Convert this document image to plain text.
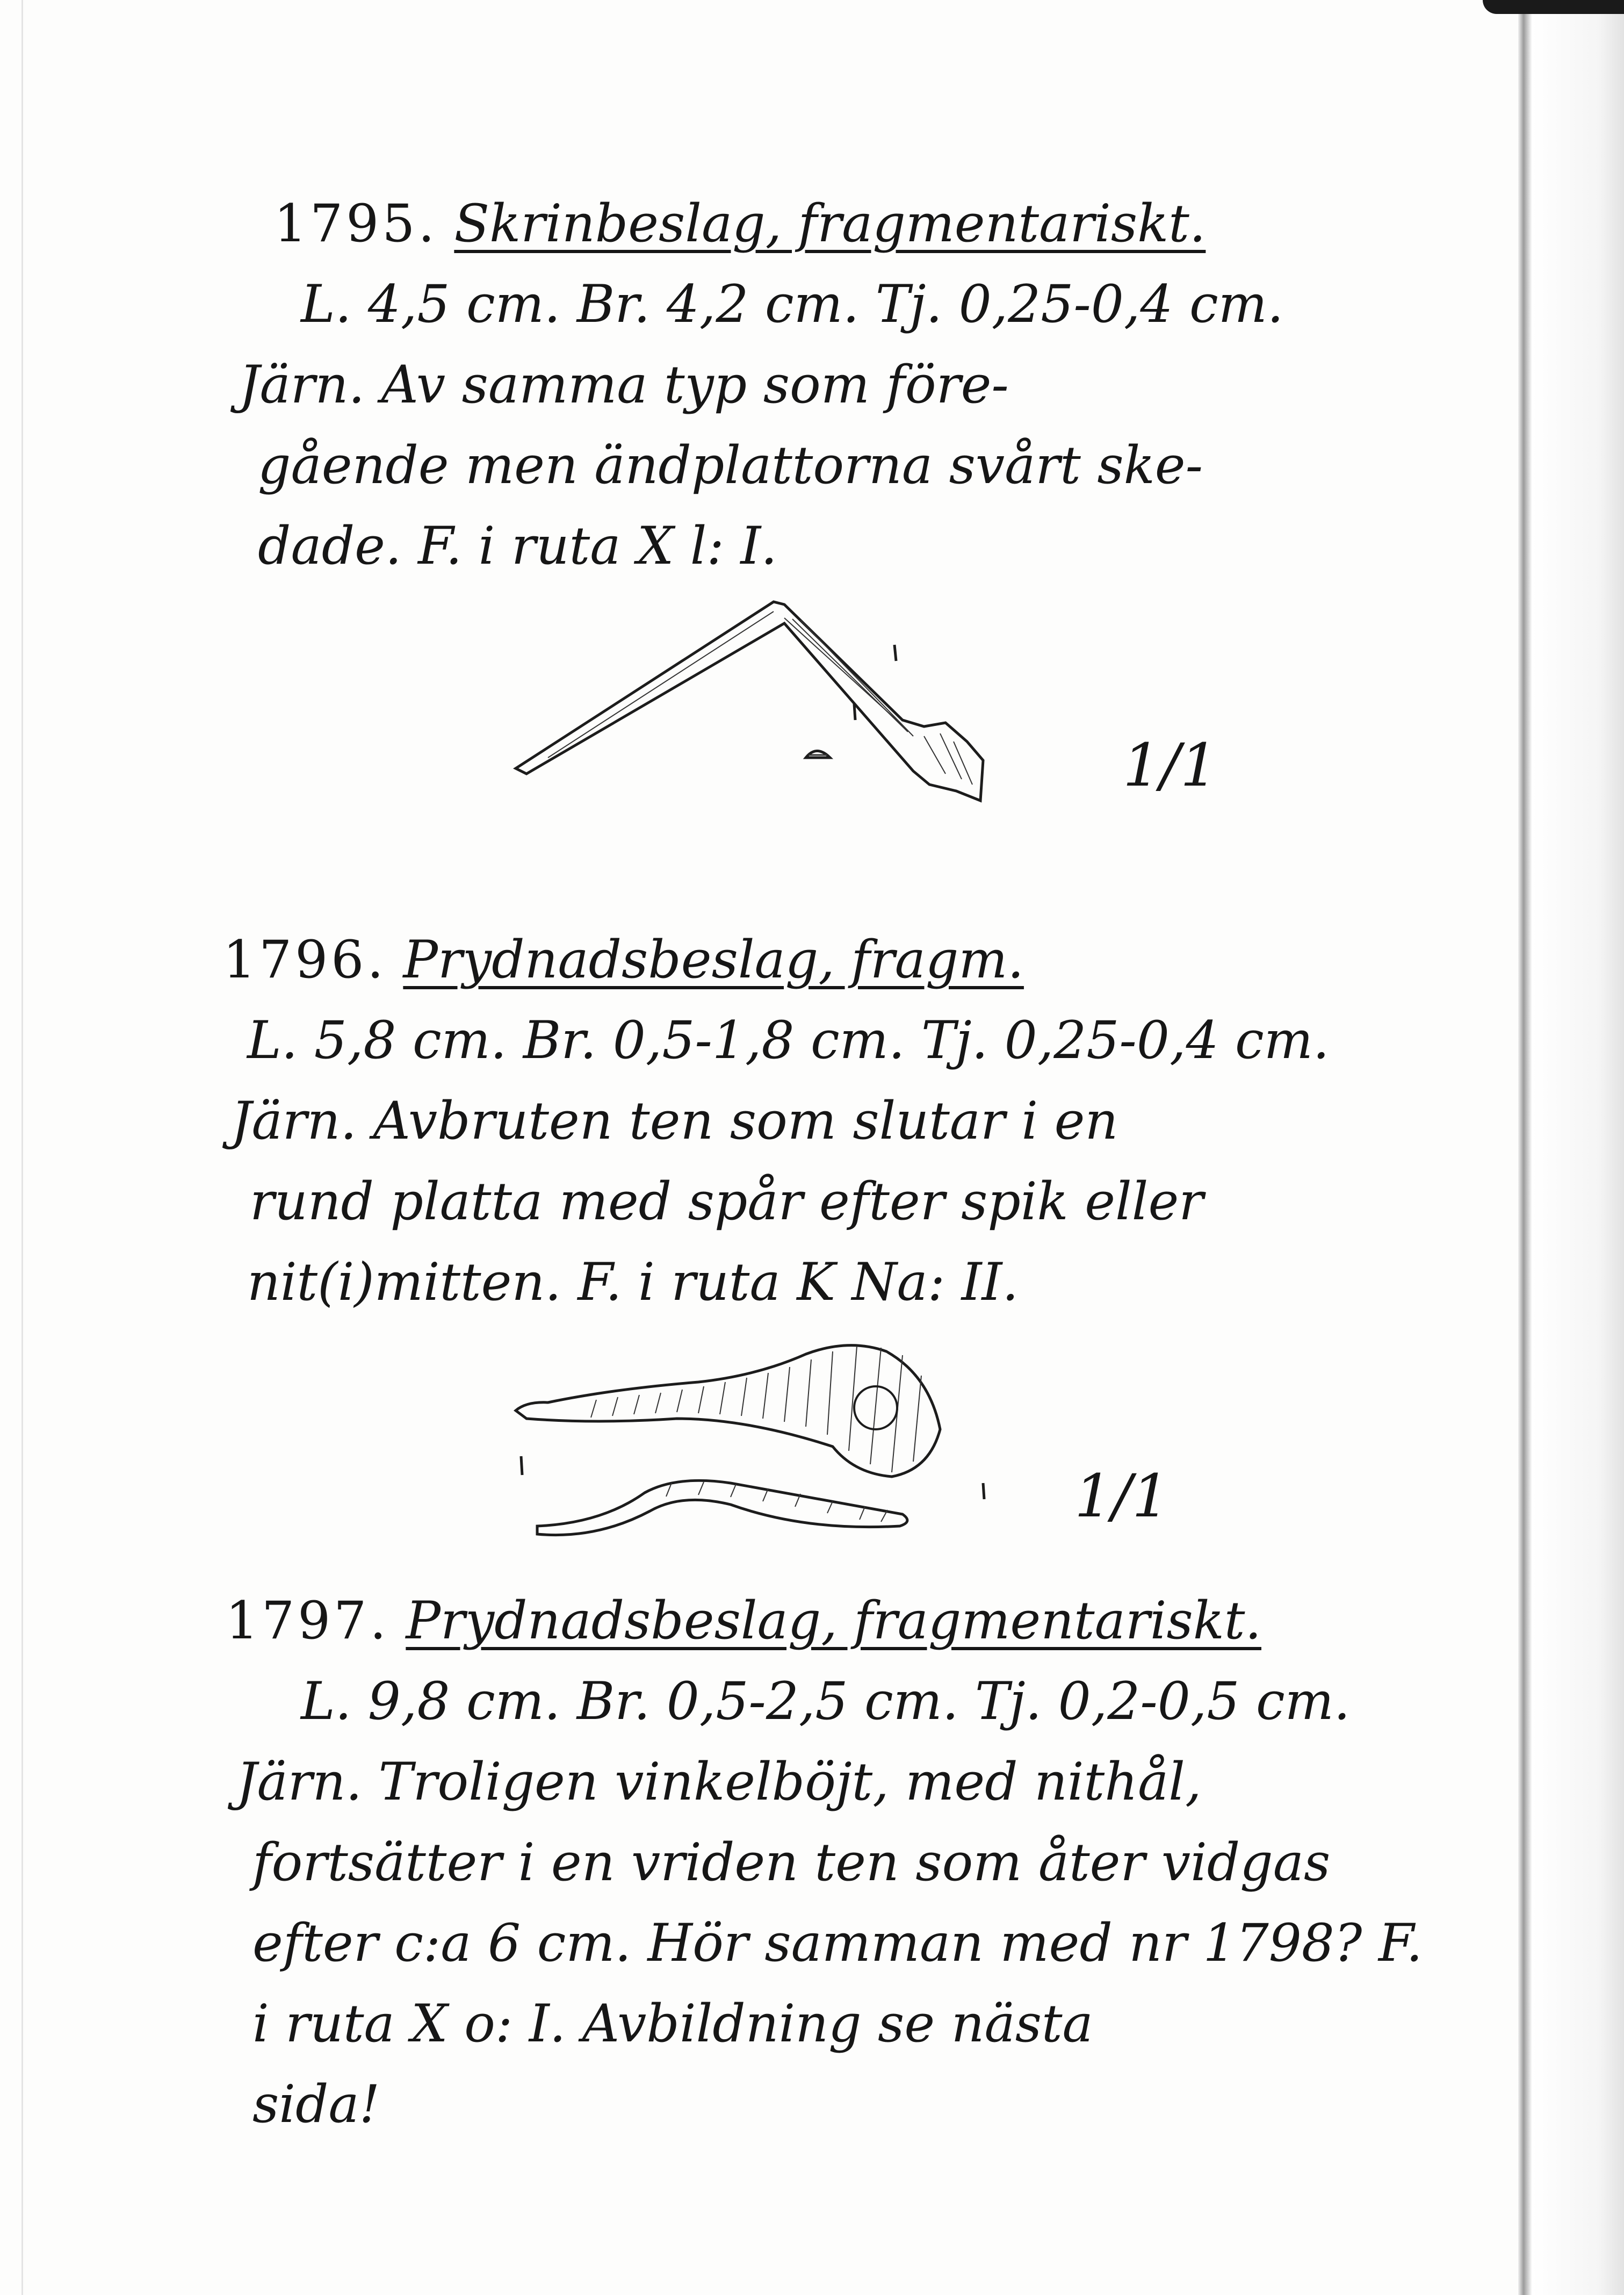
1795. Skrinbeslag, fragmentariskt.
L. 4,5 cm. Br. 4,2 cm. Tj. 0,25-0,4 cm.
Järn. Av samma typ som före-
gående men ändplattorna svårt ske-
dade. F. i ruta X l: I.
1/1
1796. Prydnadsbeslag, fragm.
L. 5,8 cm. Br. 0,5-1,8 cm. Tj. 0,25-0,4 cm.
Järn. Avbruten ten som slutar i en
rund platta med spår efter spik eller
nit(i)mitten. F. i ruta K Na: II.
1/1
1797. Prydnadsbeslag, fragmentariskt.
L. 9,8 cm. Br. 0,5-2,5 cm. Tj. 0,2-0,5 cm.
Järn. Troligen vinkelböjt, med nithål,
fortsätter i en vriden ten som åter vidgas
efter c:a 6 cm. Hör samman med nr 1798? F.
i ruta X o: I. Avbildning se nästa
sida!
